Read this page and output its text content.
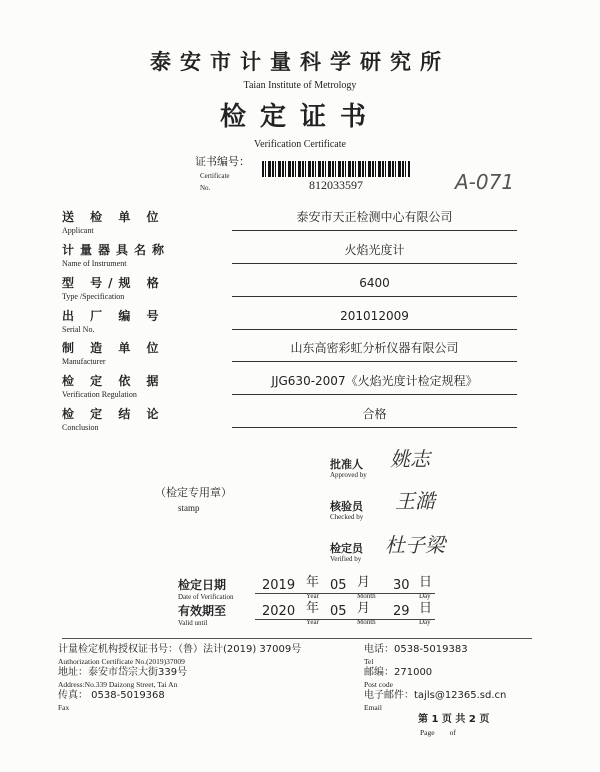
泰安市计量科学研究所
Taian Institute of Metrology
检定证书
Verification Certificate
证书编号：
Certificate
No.	812033597	A-071
送 检 单 位
Applicant
泰安市天正检测中心有限公司
计量器具名称
Name of Instrument
火焰光度计
型 号/规 格
Type /Specification
6400
出 厂 编 号
Serial No.
201012009
制 造 单 位
Manufacturer
山东高密彩虹分析仪器有限公司
检 定 依 据
Verification Regulation
JJG630-2007《火焰光度计检定规程》
检 定 结 论
Conclusion
合格
（检定专用章）
stamp
批准人
Approved by
姚志
核验员
Checked by
王澔
检定员
Verified by
杜子梁
检定日期
Date of Verification
2019 年
Year
05 月
Month
30 日
Day
有效期至
Valid until
2020 年
Year
05 月
Month
29 日
Day
计量检定机构授权证书号：（鲁）法计(2019) 37009号
Authorization Certificate No.(2019)37009
地址：泰安市岱宗大街339号
Address:No.339 Daizong Street, Tai An
传真： 0538-5019368
Fax
电话：0538-5019383
Tel
邮编：271000
Post code
电子邮件：tajls@12365.sd.cn
Email
第 1 页 共 2 页
Page        of
